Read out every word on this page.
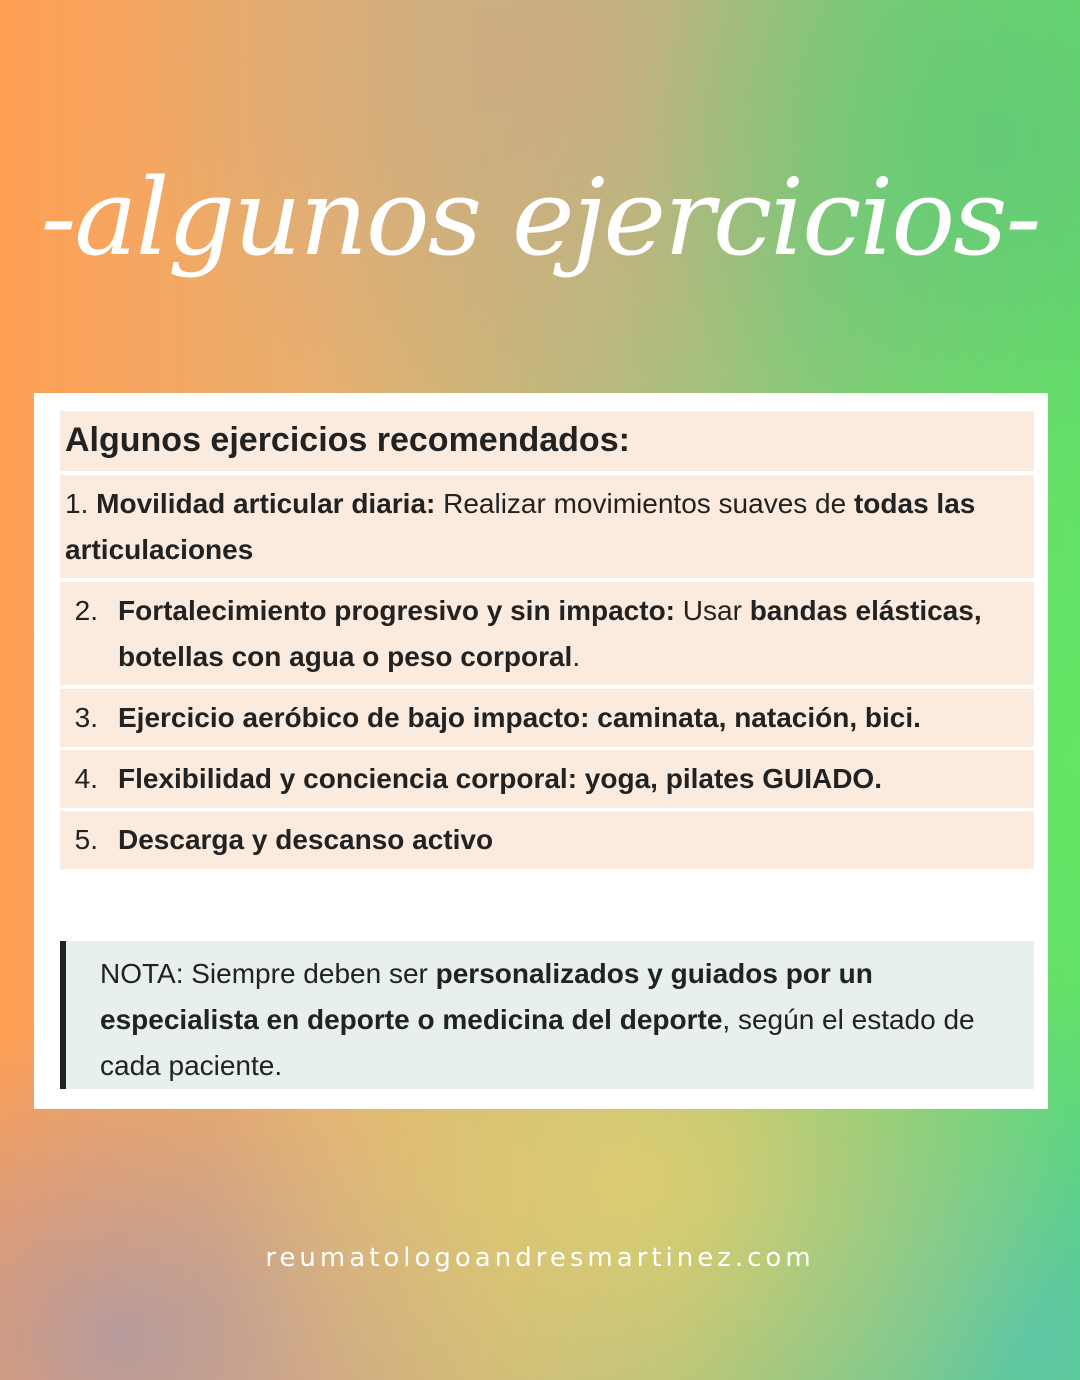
-algunos ejercicios-
Algunos ejercicios recomendados:
1. Movilidad articular diaria: Realizar movimientos suaves de todas las articulaciones
2. Fortalecimiento progresivo y sin impacto: Usar bandas elásticas, botellas con agua o peso corporal.
3. Ejercicio aeróbico de bajo impacto: caminata, natación, bici.
4. Flexibilidad y conciencia corporal: yoga, pilates GUIADO.
5. Descarga y descanso activo
NOTA: Siempre deben ser personalizados y guiados por un especialista en deporte o medicina del deporte, según el estado de cada paciente.
reumatologoandresmartinez.com
